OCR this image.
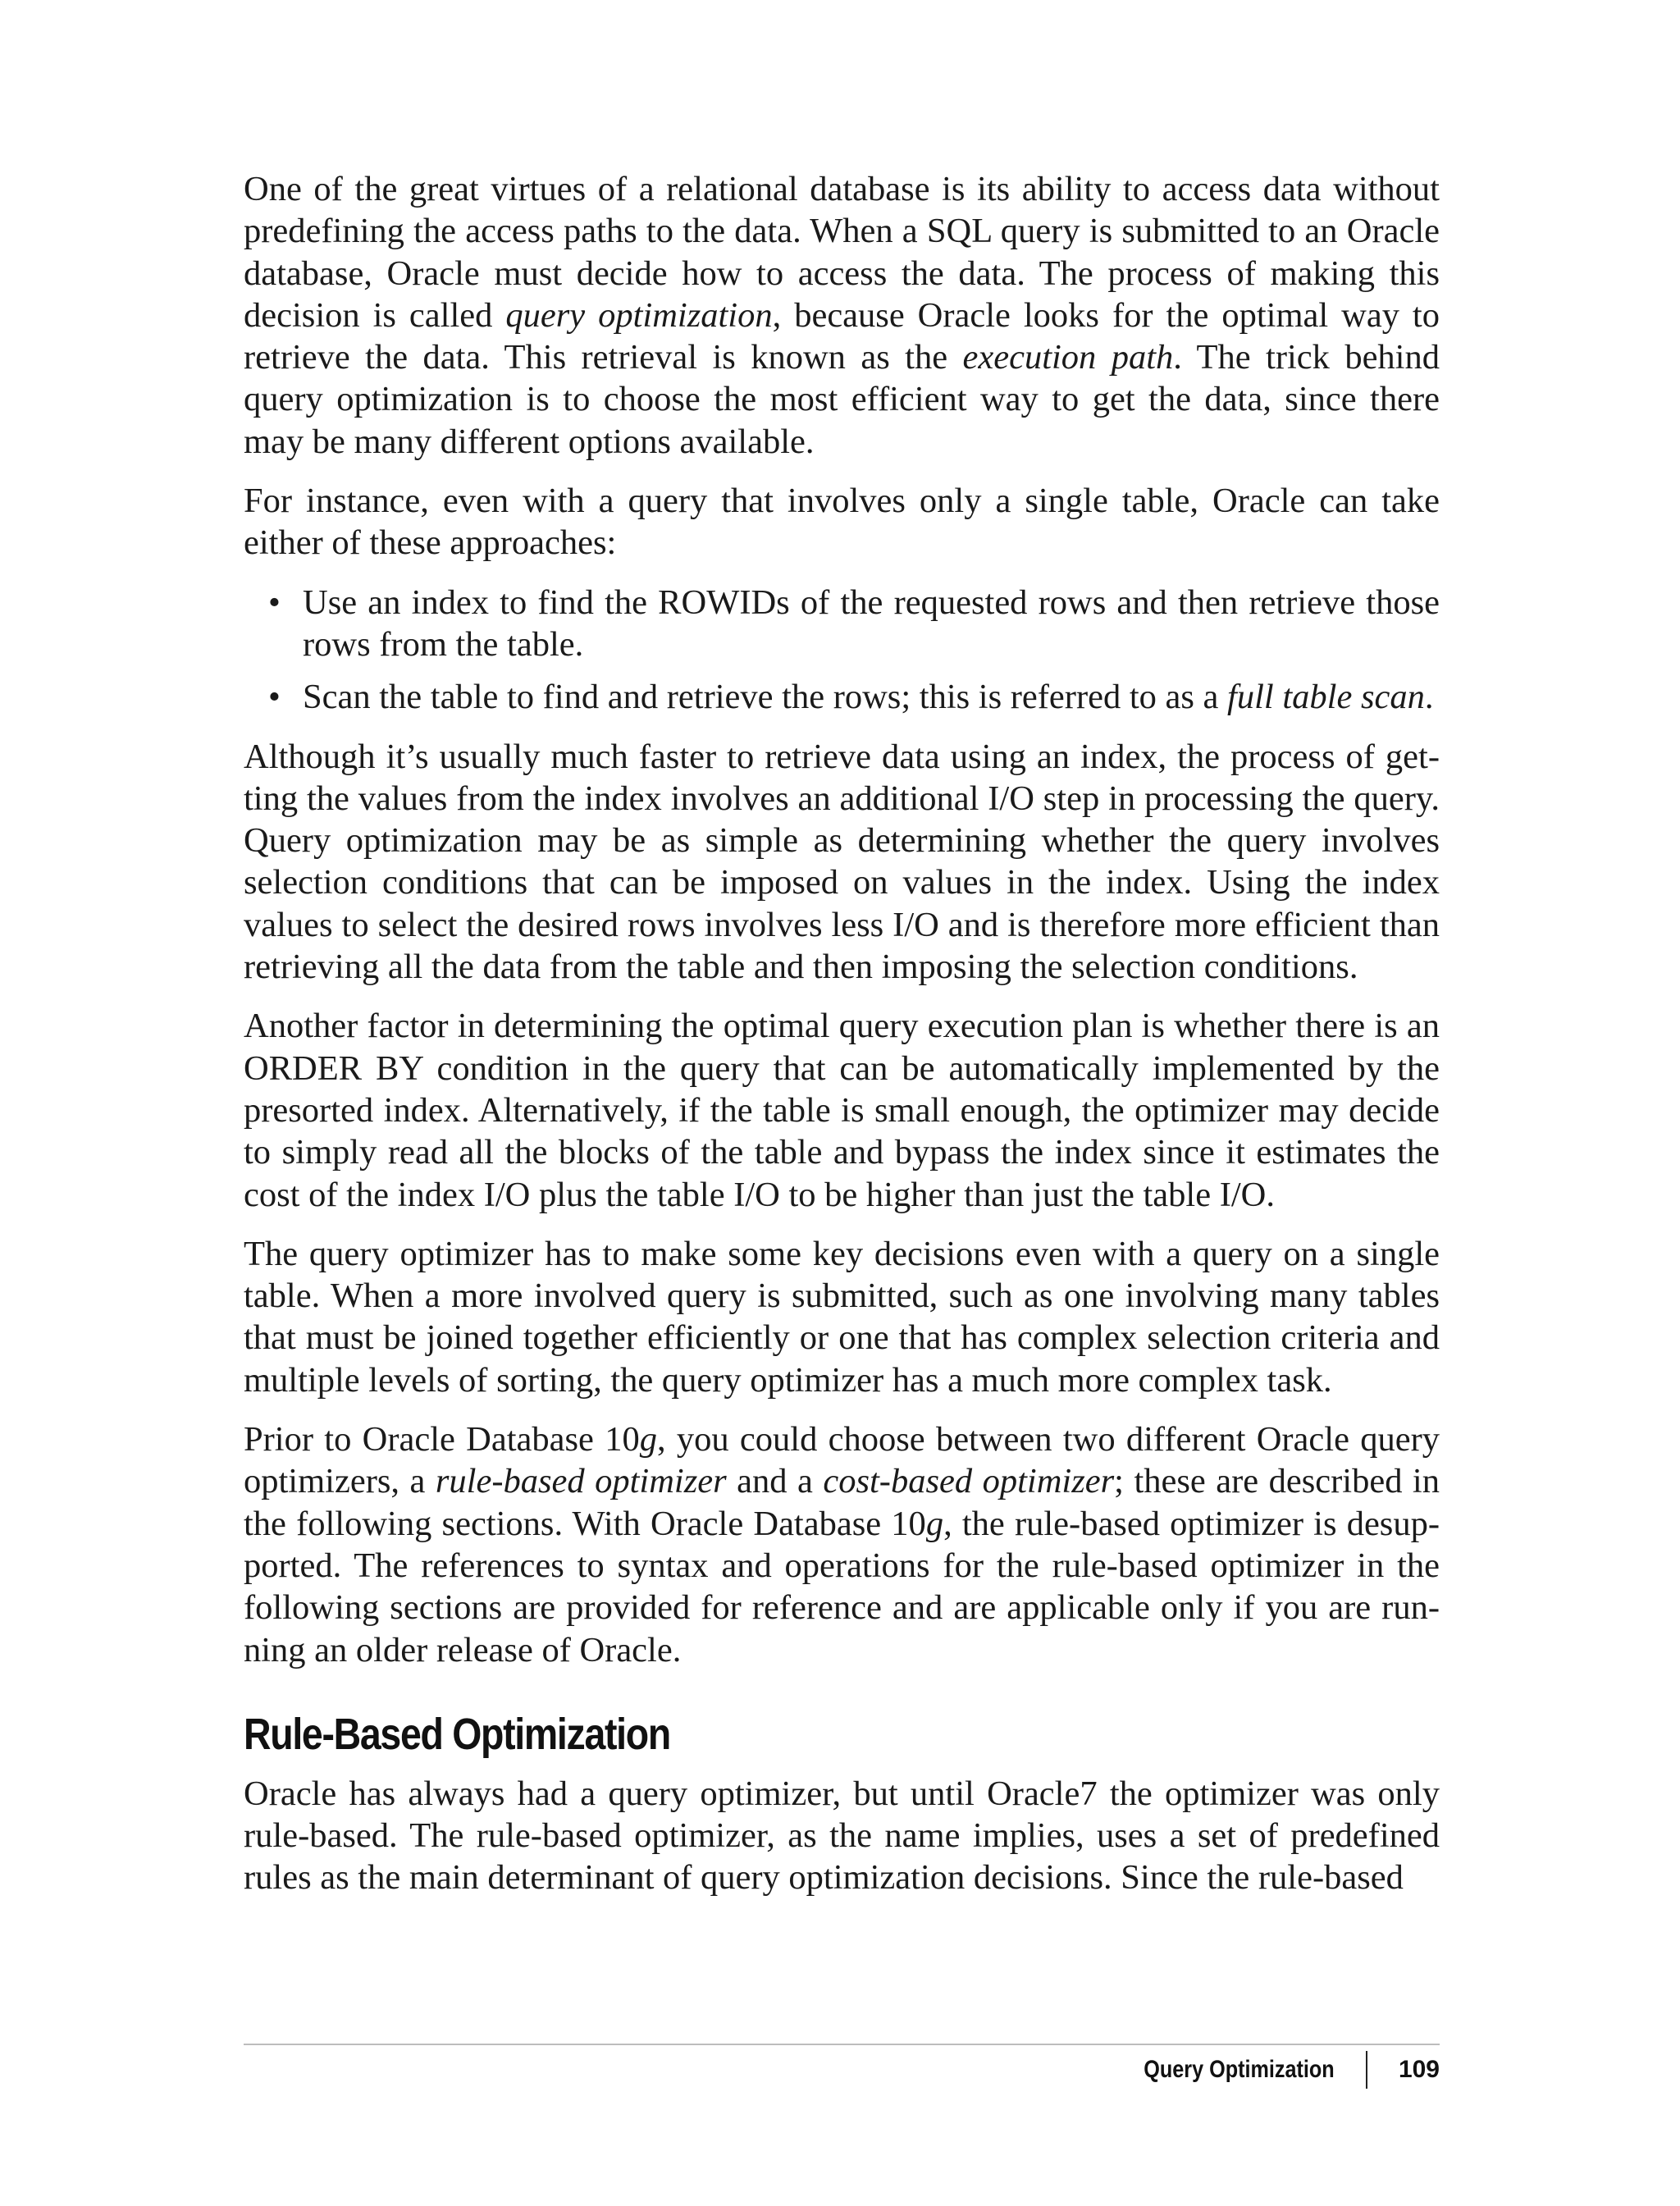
One of the great virtues of a relational database is its ability to access data without predefining the access paths to the data. When a SQL query is submitted to an Oracle database, Oracle must decide how to access the data. The process of making this decision is called query optimization, because Oracle looks for the optimal way to retrieve the data. This retrieval is known as the execution path. The trick behind query optimization is to choose the most efficient way to get the data, since there may be many different options available.

For instance, even with a query that involves only a single table, Oracle can take either of these approaches:

• Use an index to find the ROWIDs of the requested rows and then retrieve those rows from the table.
• Scan the table to find and retrieve the rows; this is referred to as a full table scan.

Although it’s usually much faster to retrieve data using an index, the process of getting the values from the index involves an additional I/O step in processing the query. Query optimization may be as simple as determining whether the query involves selection conditions that can be imposed on values in the index. Using the index values to select the desired rows involves less I/O and is therefore more efficient than retrieving all the data from the table and then imposing the selection conditions.

Another factor in determining the optimal query execution plan is whether there is an ORDER BY condition in the query that can be automatically implemented by the presorted index. Alternatively, if the table is small enough, the optimizer may decide to simply read all the blocks of the table and bypass the index since it estimates the cost of the index I/O plus the table I/O to be higher than just the table I/O.

The query optimizer has to make some key decisions even with a query on a single table. When a more involved query is submitted, such as one involving many tables that must be joined together efficiently or one that has complex selection criteria and multiple levels of sorting, the query optimizer has a much more complex task.

Prior to Oracle Database 10g, you could choose between two different Oracle query optimizers, a rule-based optimizer and a cost-based optimizer; these are described in the following sections. With Oracle Database 10g, the rule-based optimizer is desupported. The references to syntax and operations for the rule-based optimizer in the following sections are provided for reference and are applicable only if you are running an older release of Oracle.

Rule-Based Optimization

Oracle has always had a query optimizer, but until Oracle7 the optimizer was only rule-based. The rule-based optimizer, as the name implies, uses a set of predefined rules as the main determinant of query optimization decisions. Since the rule-based

Query Optimization	109
